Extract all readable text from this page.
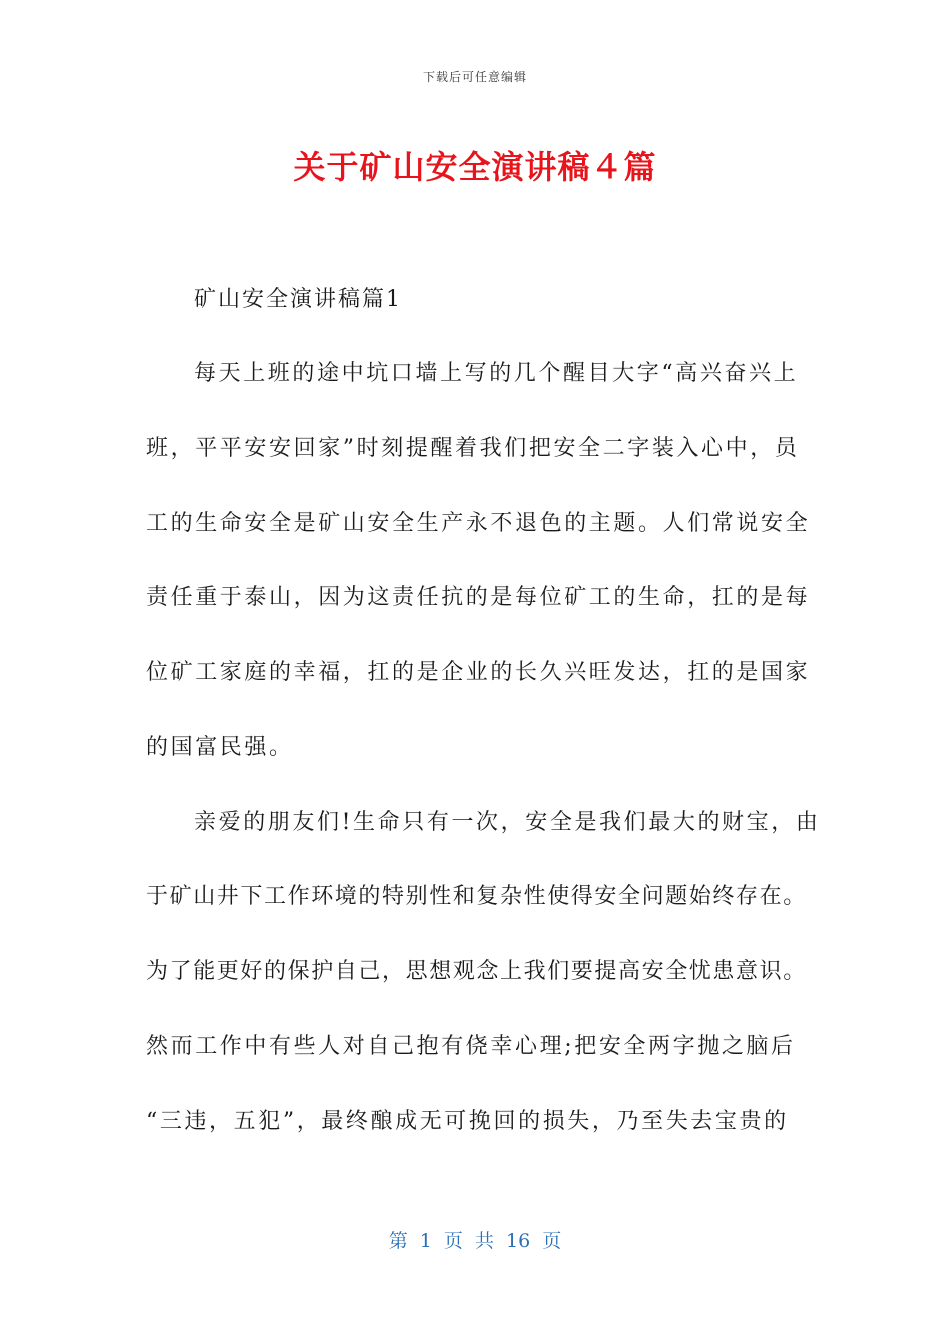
下载后可任意编辑
关于矿山安全演讲稿４篇
矿山安全演讲稿篇1
每天上班的途中坑口墙上写的几个醒目大字“高兴奋兴上
班，平平安安回家”时刻提醒着我们把安全二字装入心中，员
工的生命安全是矿山安全生产永不退色的主题。人们常说安全
责任重于泰山，因为这责任抗的是每位矿工的生命，扛的是每
位矿工家庭的幸福，扛的是企业的长久兴旺发达，扛的是国家
的国富民强。
亲爱的朋友们!生命只有一次，安全是我们最大的财宝，由
于矿山井下工作环境的特别性和复杂性使得安全问题始终存在。
为了能更好的保护自己，思想观念上我们要提高安全忧患意识。
然而工作中有些人对自己抱有侥幸心理;把安全两字抛之脑后
“三违，五犯”，最终酿成无可挽回的损失，乃至失去宝贵的
第 1 页 共 16 页
